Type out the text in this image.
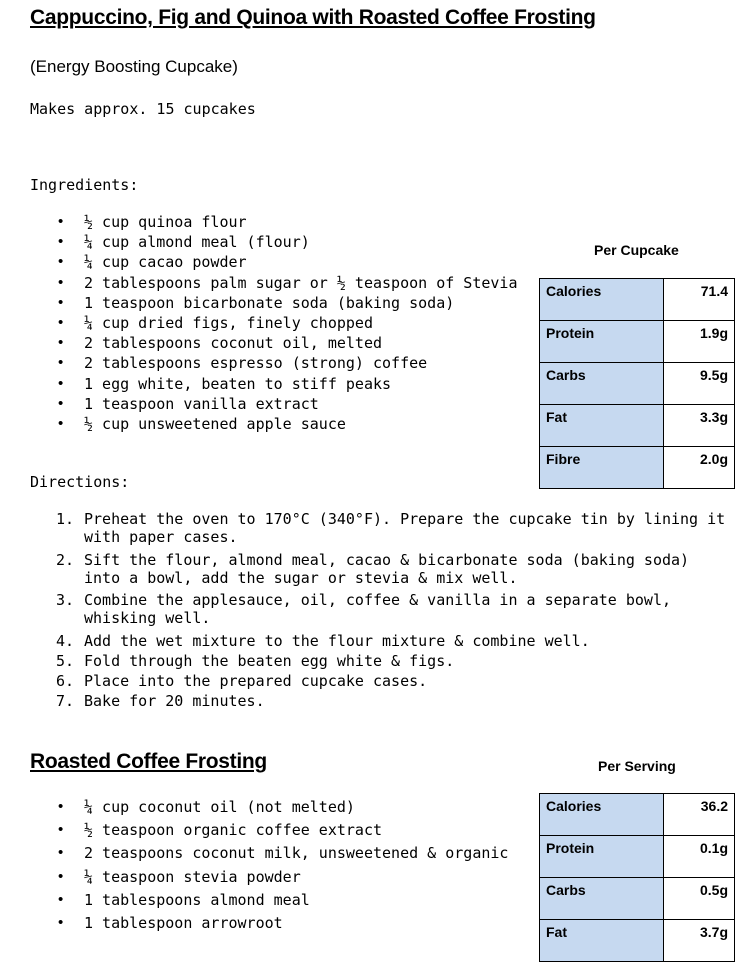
Cappuccino, Fig and Quinoa with Roasted Coffee Frosting
(Energy Boosting Cupcake)
Makes approx. 15 cupcakes
Ingredients:
• ½ cup quinoa flour
• ¼ cup almond meal (flour)
• ¼ cup cacao powder
• 2 tablespoons palm sugar or ½ teaspoon of Stevia
• 1 teaspoon bicarbonate soda (baking soda)
• ¼ cup dried figs, finely chopped
• 2 tablespoons coconut oil, melted
• 2 tablespoons espresso (strong) coffee
• 1 egg white, beaten to stiff peaks
• 1 teaspoon vanilla extract
• ½ cup unsweetened apple sauce
Per Cupcake
Calories	71.4
Protein	1.9g
Carbs	9.5g
Fat	3.3g
Fibre	2.0g
Directions:
1. Preheat the oven to 170°C (340°F). Prepare the cupcake tin by lining it
with paper cases.
2. Sift the flour, almond meal, cacao & bicarbonate soda (baking soda)
into a bowl, add the sugar or stevia & mix well.
3. Combine the applesauce, oil, coffee & vanilla in a separate bowl,
whisking well.
4. Add the wet mixture to the flour mixture & combine well.
5. Fold through the beaten egg white & figs.
6. Place into the prepared cupcake cases.
7. Bake for 20 minutes.
Roasted Coffee Frosting	Per Serving
• ¼ cup coconut oil (not melted)
• ½ teaspoon organic coffee extract
• 2 teaspoons coconut milk, unsweetened & organic
• ¼ teaspoon stevia powder
• 1 tablespoons almond meal
• 1 tablespoon arrowroot
Calories	36.2
Protein	0.1g
Carbs	0.5g
Fat	3.7g
